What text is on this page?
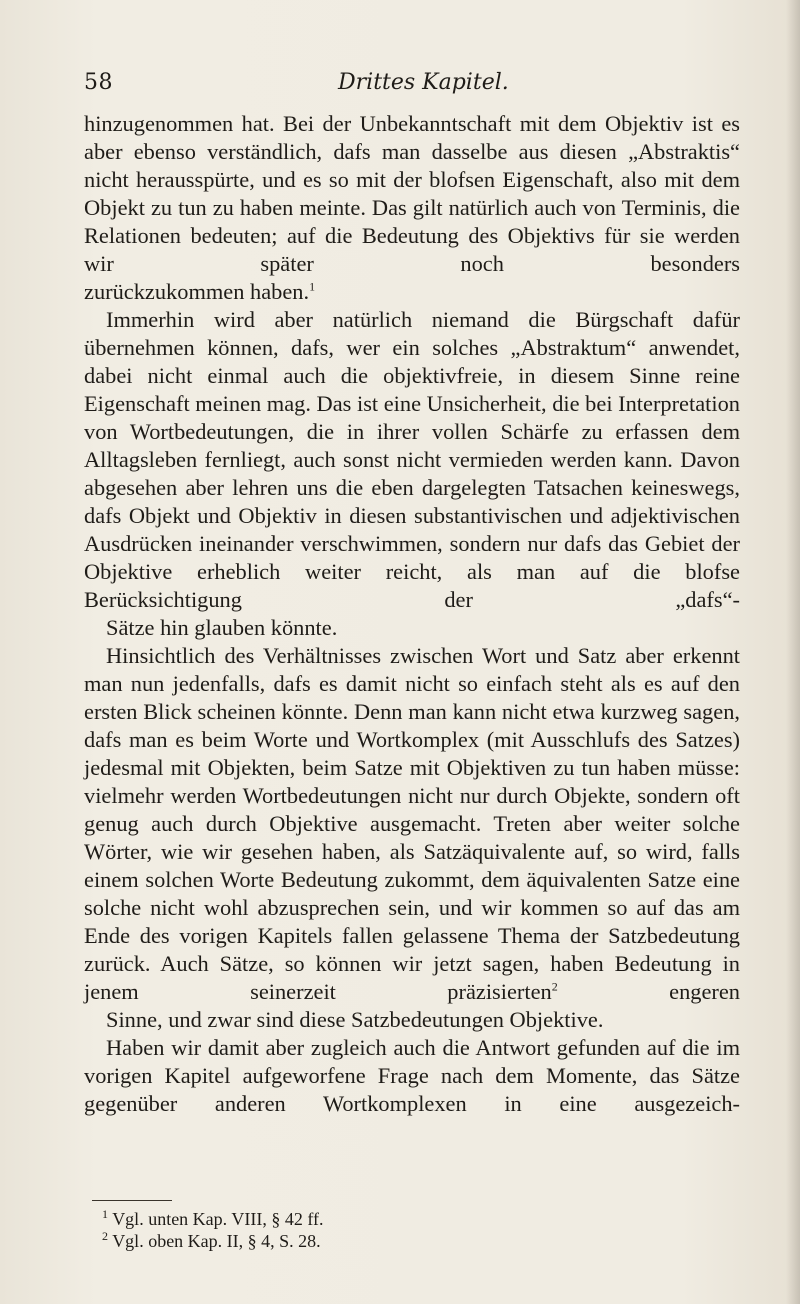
58	Drittes Kapitel.

hinzugenommen hat. Bei der Unbekanntschaft mit dem Objektiv ist es aber ebenso verständlich, dafs man dasselbe aus diesen „Abstraktis“ nicht herausspürte, und es so mit der blofsen Eigenschaft, also mit dem Objekt zu tun zu haben meinte. Das gilt natürlich auch von Terminis, die Relationen bedeuten; auf die Bedeutung des Objektivs für sie werden wir später noch besonders
zurückzukommen haben.$^1$

Immerhin wird aber natürlich niemand die Bürgschaft dafür übernehmen können, dafs, wer ein solches „Abstraktum“ anwendet, dabei nicht einmal auch die objektivfreie, in diesem Sinne reine Eigenschaft meinen mag. Das ist eine Unsicherheit, die bei Interpretation von Wortbedeutungen, die in ihrer vollen Schärfe zu erfassen dem Alltagsleben fernliegt, auch sonst nicht vermieden werden kann. Davon abgesehen aber lehren uns die eben dargelegten Tatsachen keineswegs, dafs Objekt und Objektiv in diesen substantivischen und adjektivischen Ausdrücken ineinander verschwimmen, sondern nur dafs das Gebiet der Objektive erheblich weiter reicht, als man auf die blofse Berücksichtigung der „dafs“-
Sätze hin glauben könnte.

Hinsichtlich des Verhältnisses zwischen Wort und Satz aber erkennt man nun jedenfalls, dafs es damit nicht so einfach steht als es auf den ersten Blick scheinen könnte. Denn man kann nicht etwa kurzweg sagen, dafs man es beim Worte und Wortkomplex (mit Ausschlufs des Satzes) jedesmal mit Objekten, beim Satze mit Objektiven zu tun haben müsse: vielmehr werden Wortbedeutungen nicht nur durch Objekte, sondern oft genug auch durch Objektive ausgemacht. Treten aber weiter solche Wörter, wie wir gesehen haben, als Satzäquivalente auf, so wird, falls einem solchen Worte Bedeutung zukommt, dem äquivalenten Satze eine solche nicht wohl abzusprechen sein, und wir kommen so auf das am Ende des vorigen Kapitels fallen gelassene Thema der Satzbedeutung zurück. Auch Sätze, so können wir jetzt sagen, haben Bedeutung in jenem seinerzeit präzisierten$^2$ engeren
Sinne, und zwar sind diese Satzbedeutungen Objektive.

Haben wir damit aber zugleich auch die Antwort gefunden auf die im vorigen Kapitel aufgeworfene Frage nach dem Momente, das Sätze gegenüber anderen Wortkomplexen in eine ausgezeich-

$^1$ Vgl. unten Kap. VIII, § 42 ff.

$^2$ Vgl. oben Kap. II, § 4, S. 28.
